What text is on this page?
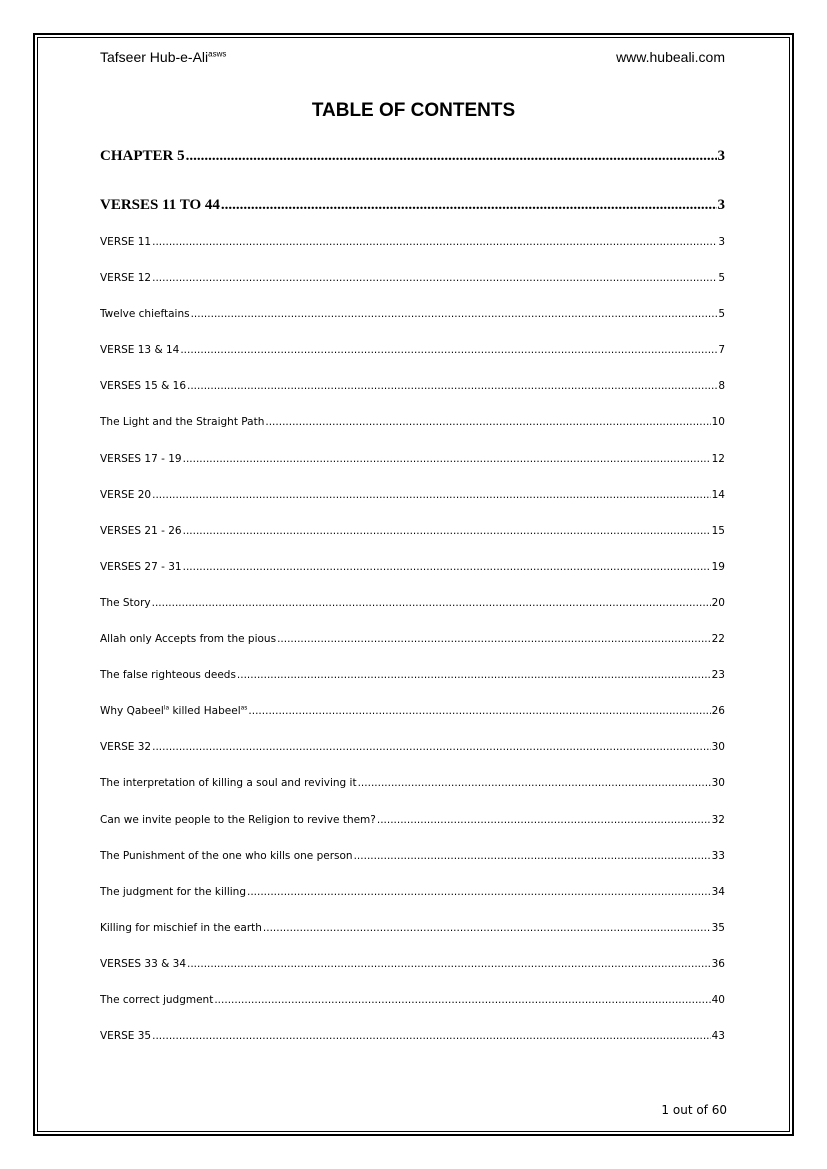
Tafseer Hub-e-Ali$^{asws}$	www.hubeali.com
TABLE OF CONTENTS
CHAPTER 5 .....	3
VERSES 11 TO 44 .....	3
VERSE 11 .....	3
VERSE 12 .....	5
Twelve chieftains .....	5
VERSE 13 & 14 .....	7
VERSES 15 & 16 .....	8
The Light and the Straight Path .....	10
VERSES 17 - 19 .....	12
VERSE 20 .....	14
VERSES 21 - 26 .....	15
VERSES 27 - 31 .....	19
The Story .....	20
Allah only Accepts from the pious .....	22
The false righteous deeds .....	23
Why Qabeel$^{la}$ killed Habeel$^{as}$ .....	26
VERSE 32 .....	30
The interpretation of killing a soul and reviving it .....	30
Can we invite people to the Religion to revive them? .....	32
The Punishment of the one who kills one person .....	33
The judgment for the killing .....	34
Killing for mischief in the earth .....	35
VERSES 33 & 34 .....	36
The correct judgment .....	40
VERSE 35 .....	43
1 out of 60
